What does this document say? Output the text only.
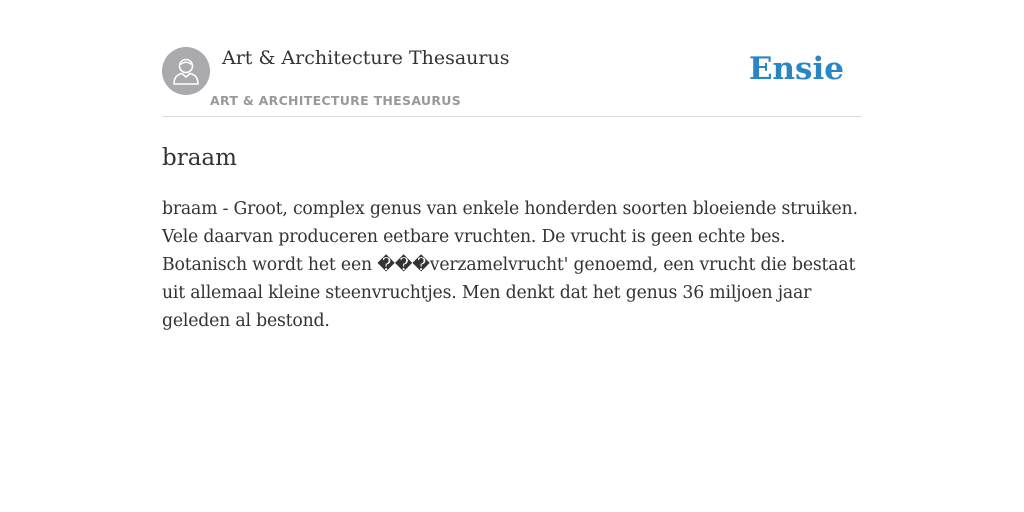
Art & Architecture Thesaurus
ART & ARCHITECTURE THESAURUS
Ensie
braam

braam - Groot, complex genus van enkele honderden soorten bloeiende struiken. Vele daarvan produceren eetbare vruchten. De vrucht is geen echte bes. Botanisch wordt het een ���verzamelvrucht' genoemd, een vrucht die bestaat uit allemaal kleine steenvruchtjes. Men denkt dat het genus 36 miljoen jaar geleden al bestond.
